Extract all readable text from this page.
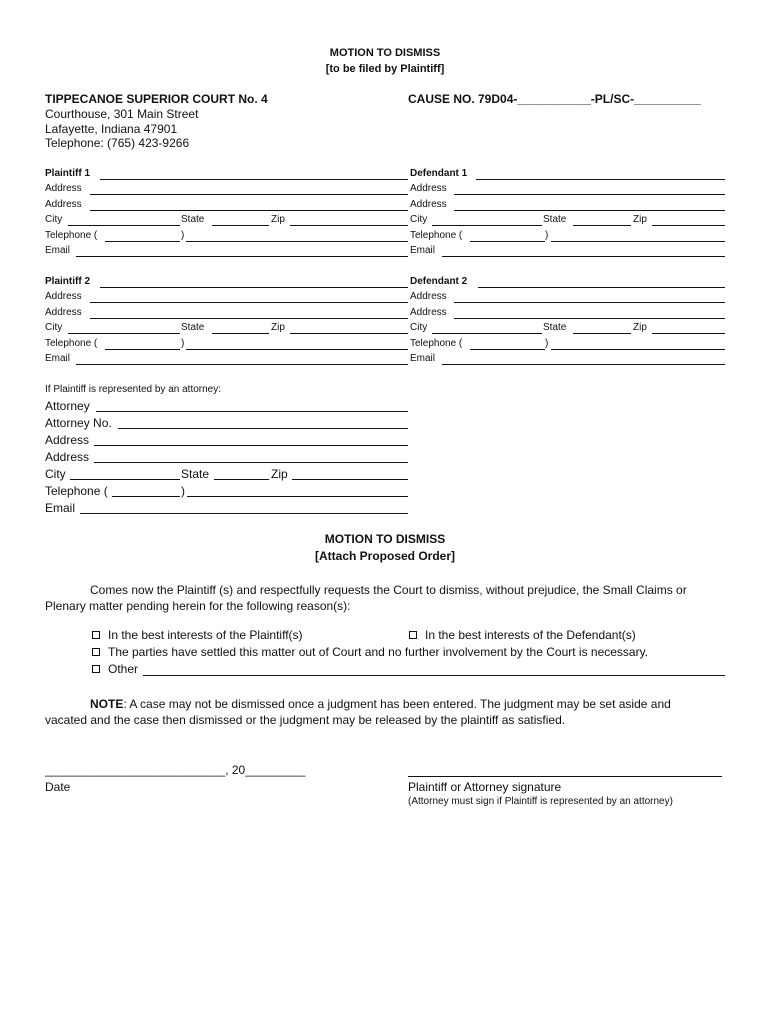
MOTION TO DISMISS
[to be filed by Plaintiff]
TIPPECANOE SUPERIOR COURT No. 4
Courthouse, 301 Main Street
Lafayette, Indiana 47901
Telephone: (765) 423-9266
CAUSE NO. 79D04-___________-PL/SC-__________
Plaintiff 1
Address
Address
City	State	Zip
Telephone (	)
Email
Defendant 1
Address
Address
City	State	Zip
Telephone (	)
Email
Plaintiff 2
Address
Address
City	State	Zip
Telephone (	)
Email
Defendant 2
Address
Address
City	State	Zip
Telephone (	)
Email
If Plaintiff is represented by an attorney:
Attorney
Attorney No.
Address
Address
City	State	Zip
Telephone (	)
Email
MOTION TO DISMISS
[Attach Proposed Order]
Comes now the Plaintiff (s) and respectfully requests the Court to dismiss, without prejudice, the Small Claims or
Plenary matter pending herein for the following reason(s):
In the best interests of the Plaintiff(s)	In the best interests of the Defendant(s)
The parties have settled this matter out of Court and no further involvement by the Court is necessary.
Other
NOTE: A case may not be dismissed once a judgment has been entered. The judgment may be set aside and
vacated and the case then dismissed or the judgment may be released by the plaintiff as satisfied.
___________________________, 20_________
Date	Plaintiff or Attorney signature
(Attorney must sign if Plaintiff is represented by an attorney)
